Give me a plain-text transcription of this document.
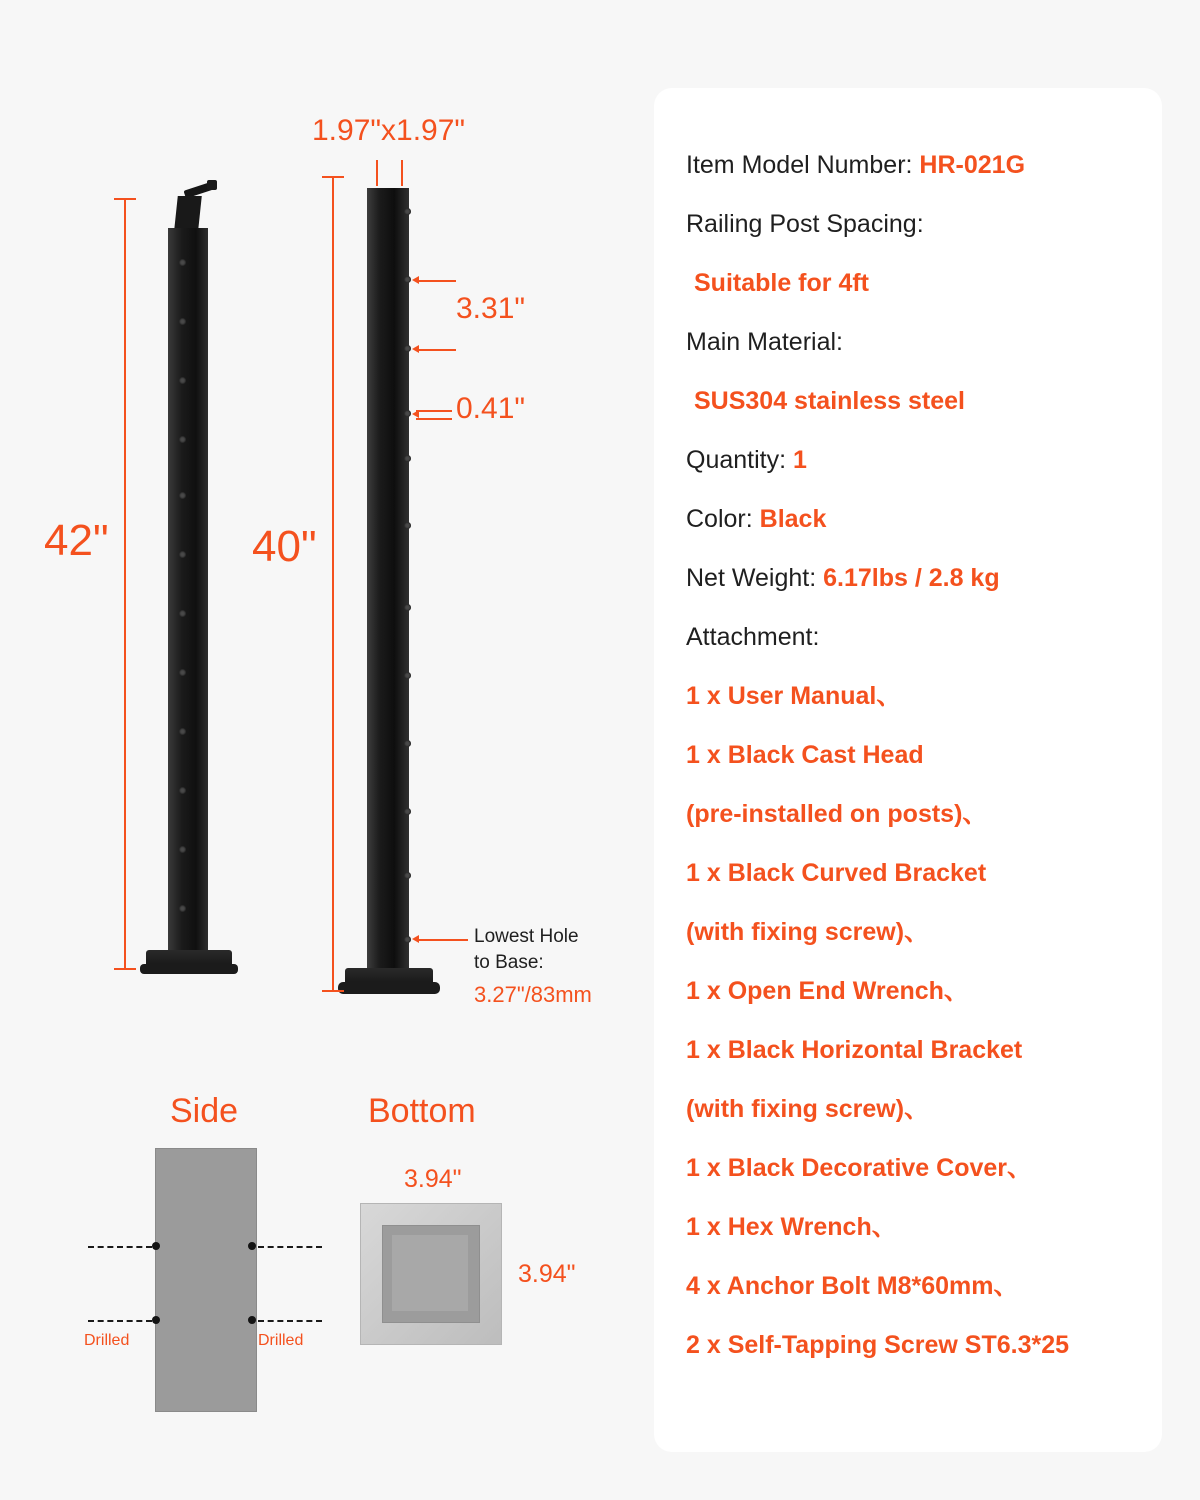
42"	40"
1.97"x1.97"
3.31"
0.41"
Lowest Hole
to Base:
3.27"/83mm
Side
Drilled	Drilled
Bottom
3.94"
3.94"
Item Model Number: HR-021G
Railing Post Spacing:
Suitable for 4ft
Main Material:
SUS304 stainless steel
Quantity: 1
Color: Black
Net Weight: 6.17lbs / 2.8 kg
Attachment:
1 x User Manual、
1 x Black Cast Head
(pre-installed on posts)、
1 x Black Curved Bracket
(with fixing screw)、
1 x Open End Wrench、
1 x Black Horizontal Bracket
(with fixing screw)、
1 x Black Decorative Cover、
1 x Hex Wrench、
4 x Anchor Bolt M8*60mm、
2 x Self-Tapping Screw ST6.3*25
